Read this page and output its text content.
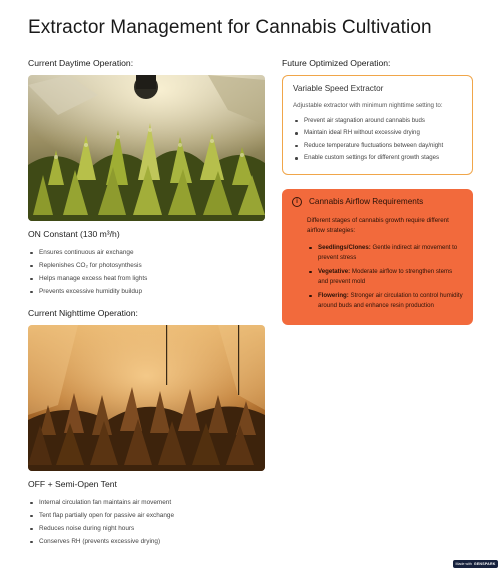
Extractor Management for Cannabis Cultivation
Current Daytime Operation:
ON Constant (130 m³/h)
Ensures continuous air exchange
Replenishes CO₂ for photosynthesis
Helps manage excess heat from lights
Prevents excessive humidity buildup
Current Nighttime Operation:
OFF + Semi-Open Tent
Internal circulation fan maintains air movement
Tent flap partially open for passive air exchange
Reduces noise during night hours
Conserves RH (prevents excessive drying)
Future Optimized Operation:
Variable Speed Extractor
Adjustable extractor with minimum nighttime setting to:
Prevent air stagnation around cannabis buds
Maintain ideal RH without excessive drying
Reduce temperature fluctuations between day/night
Enable custom settings for different growth stages
i	Cannabis Airflow Requirements
Different stages of cannabis growth require different airflow strategies:
Seedlings/Clones: Gentle indirect air movement to prevent stress
Vegetative: Moderate airflow to strengthen stems and prevent mold
Flowering: Stronger air circulation to control humidity around buds and enhance resin production
Made with GENSPARK
